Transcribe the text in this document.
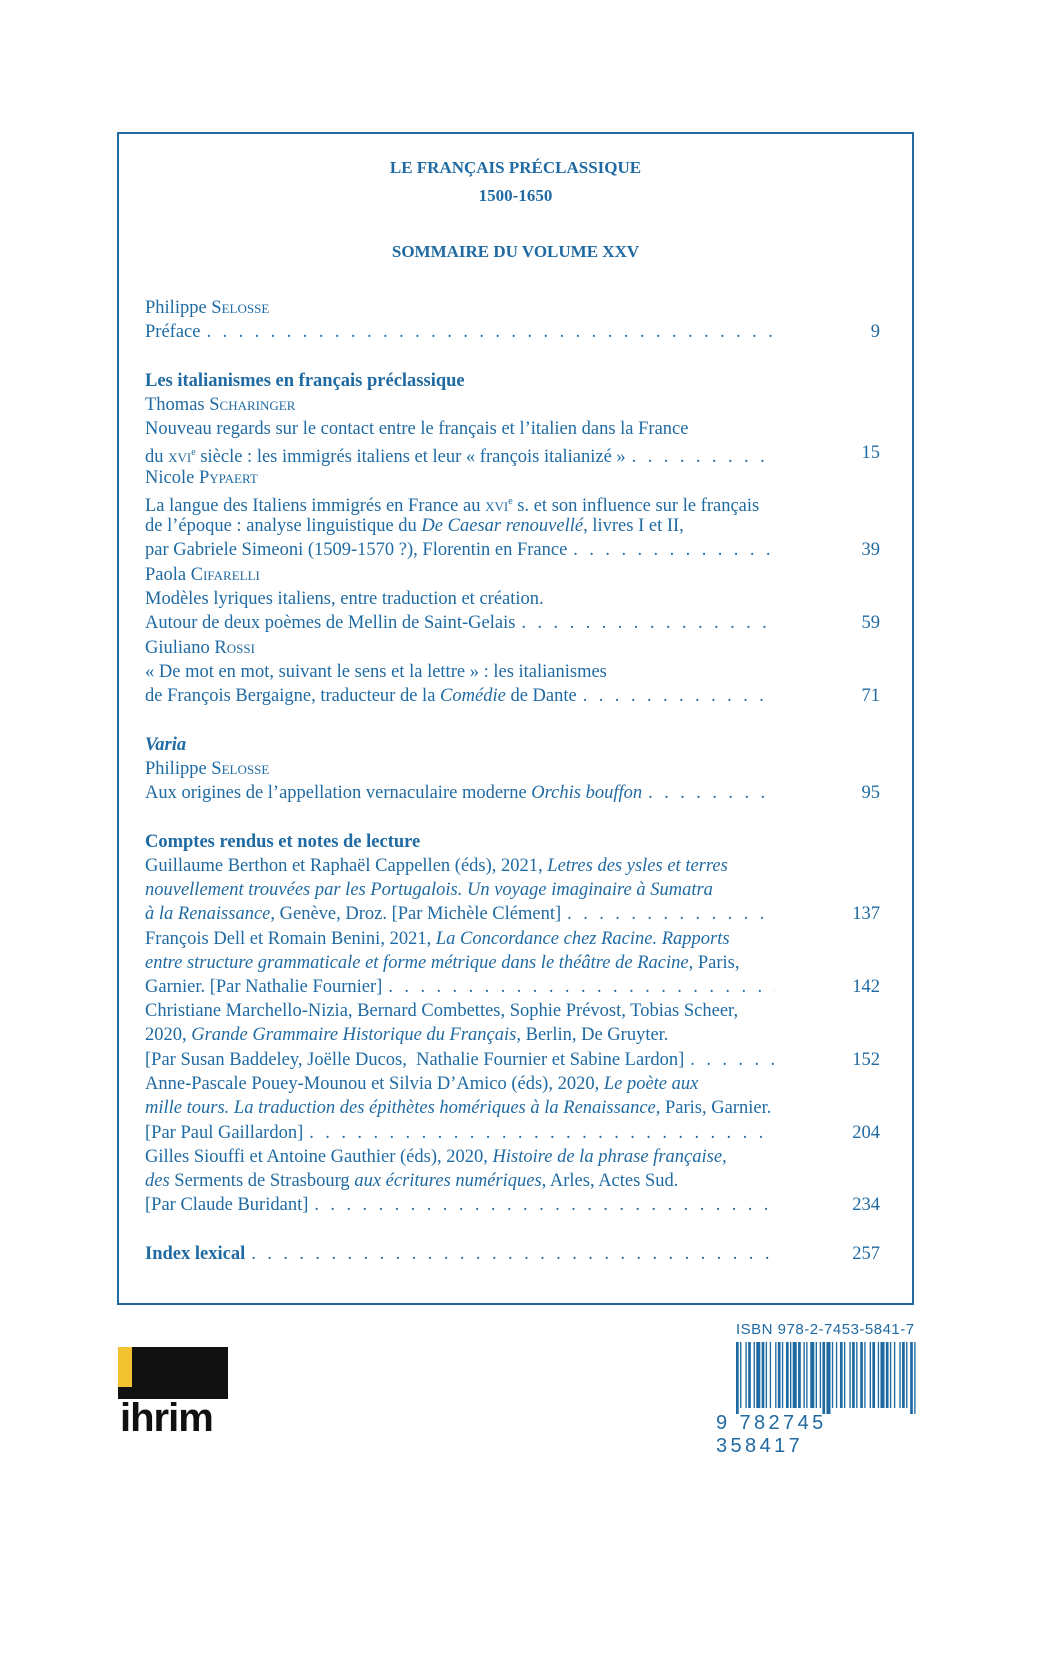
LE FRANÇAIS PRÉCLASSIQUE
1500-1650
SOMMAIRE DU VOLUME XXV
Philippe Selosse
Préface . . .	9
Les italianismes en français préclassique
Thomas Scharinger
Nouveau regards sur le contact entre le français et l’italien dans la France
du xvi$^e$ siècle : les immigrés italiens et leur « françois italianizé » . . .	15
Nicole Pypaert
La langue des Italiens immigrés en France au xvi$^e$ s. et son influence sur le français
de l’époque : analyse linguistique du De Caesar renouvellé, livres I et II,
par Gabriele Simeoni (1509-1570 ?), Florentin en France . . .	39
Paola Cifarelli
Modèles lyriques italiens, entre traduction et création.
Autour de deux poèmes de Mellin de Saint-Gelais . . .	59
Giuliano Rossi
« De mot en mot, suivant le sens et la lettre » : les italianismes
de François Bergaigne, traducteur de la Comédie de Dante . . .	71
Varia
Philippe Selosse
Aux origines de l’appellation vernaculaire moderne Orchis bouffon . . .	95
Comptes rendus et notes de lecture
Guillaume Berthon et Raphaël Cappellen (éds), 2021, Letres des ysles et terres
nouvellement trouvées par les Portugalois. Un voyage imaginaire à Sumatra
à la Renaissance, Genève, Droz. [Par Michèle Clément] . . .	137
François Dell et Romain Benini, 2021, La Concordance chez Racine. Rapports
entre structure grammaticale et forme métrique dans le théâtre de Racine, Paris,
Garnier. [Par Nathalie Fournier] . . .	142
Christiane Marchello-Nizia, Bernard Combettes, Sophie Prévost, Tobias Scheer,
2020, Grande Grammaire Historique du Français, Berlin, De Gruyter.
[Par Susan Baddeley, Joëlle Ducos,  Nathalie Fournier et Sabine Lardon] . . .	152
Anne-Pascale Pouey-Mounou et Silvia D’Amico (éds), 2020, Le poète aux
mille tours. La traduction des épithètes homériques à la Renaissance, Paris, Garnier.
[Par Paul Gaillardon] . . .	204
Gilles Siouffi et Antoine Gauthier (éds), 2020, Histoire de la phrase française,
des Serments de Strasbourg aux écritures numériques, Arles, Actes Sud.
[Par Claude Buridant] . . .	234
Index lexical . . .	257
ihrim
ISBN 978-2-7453-5841-7
9 782745 358417
